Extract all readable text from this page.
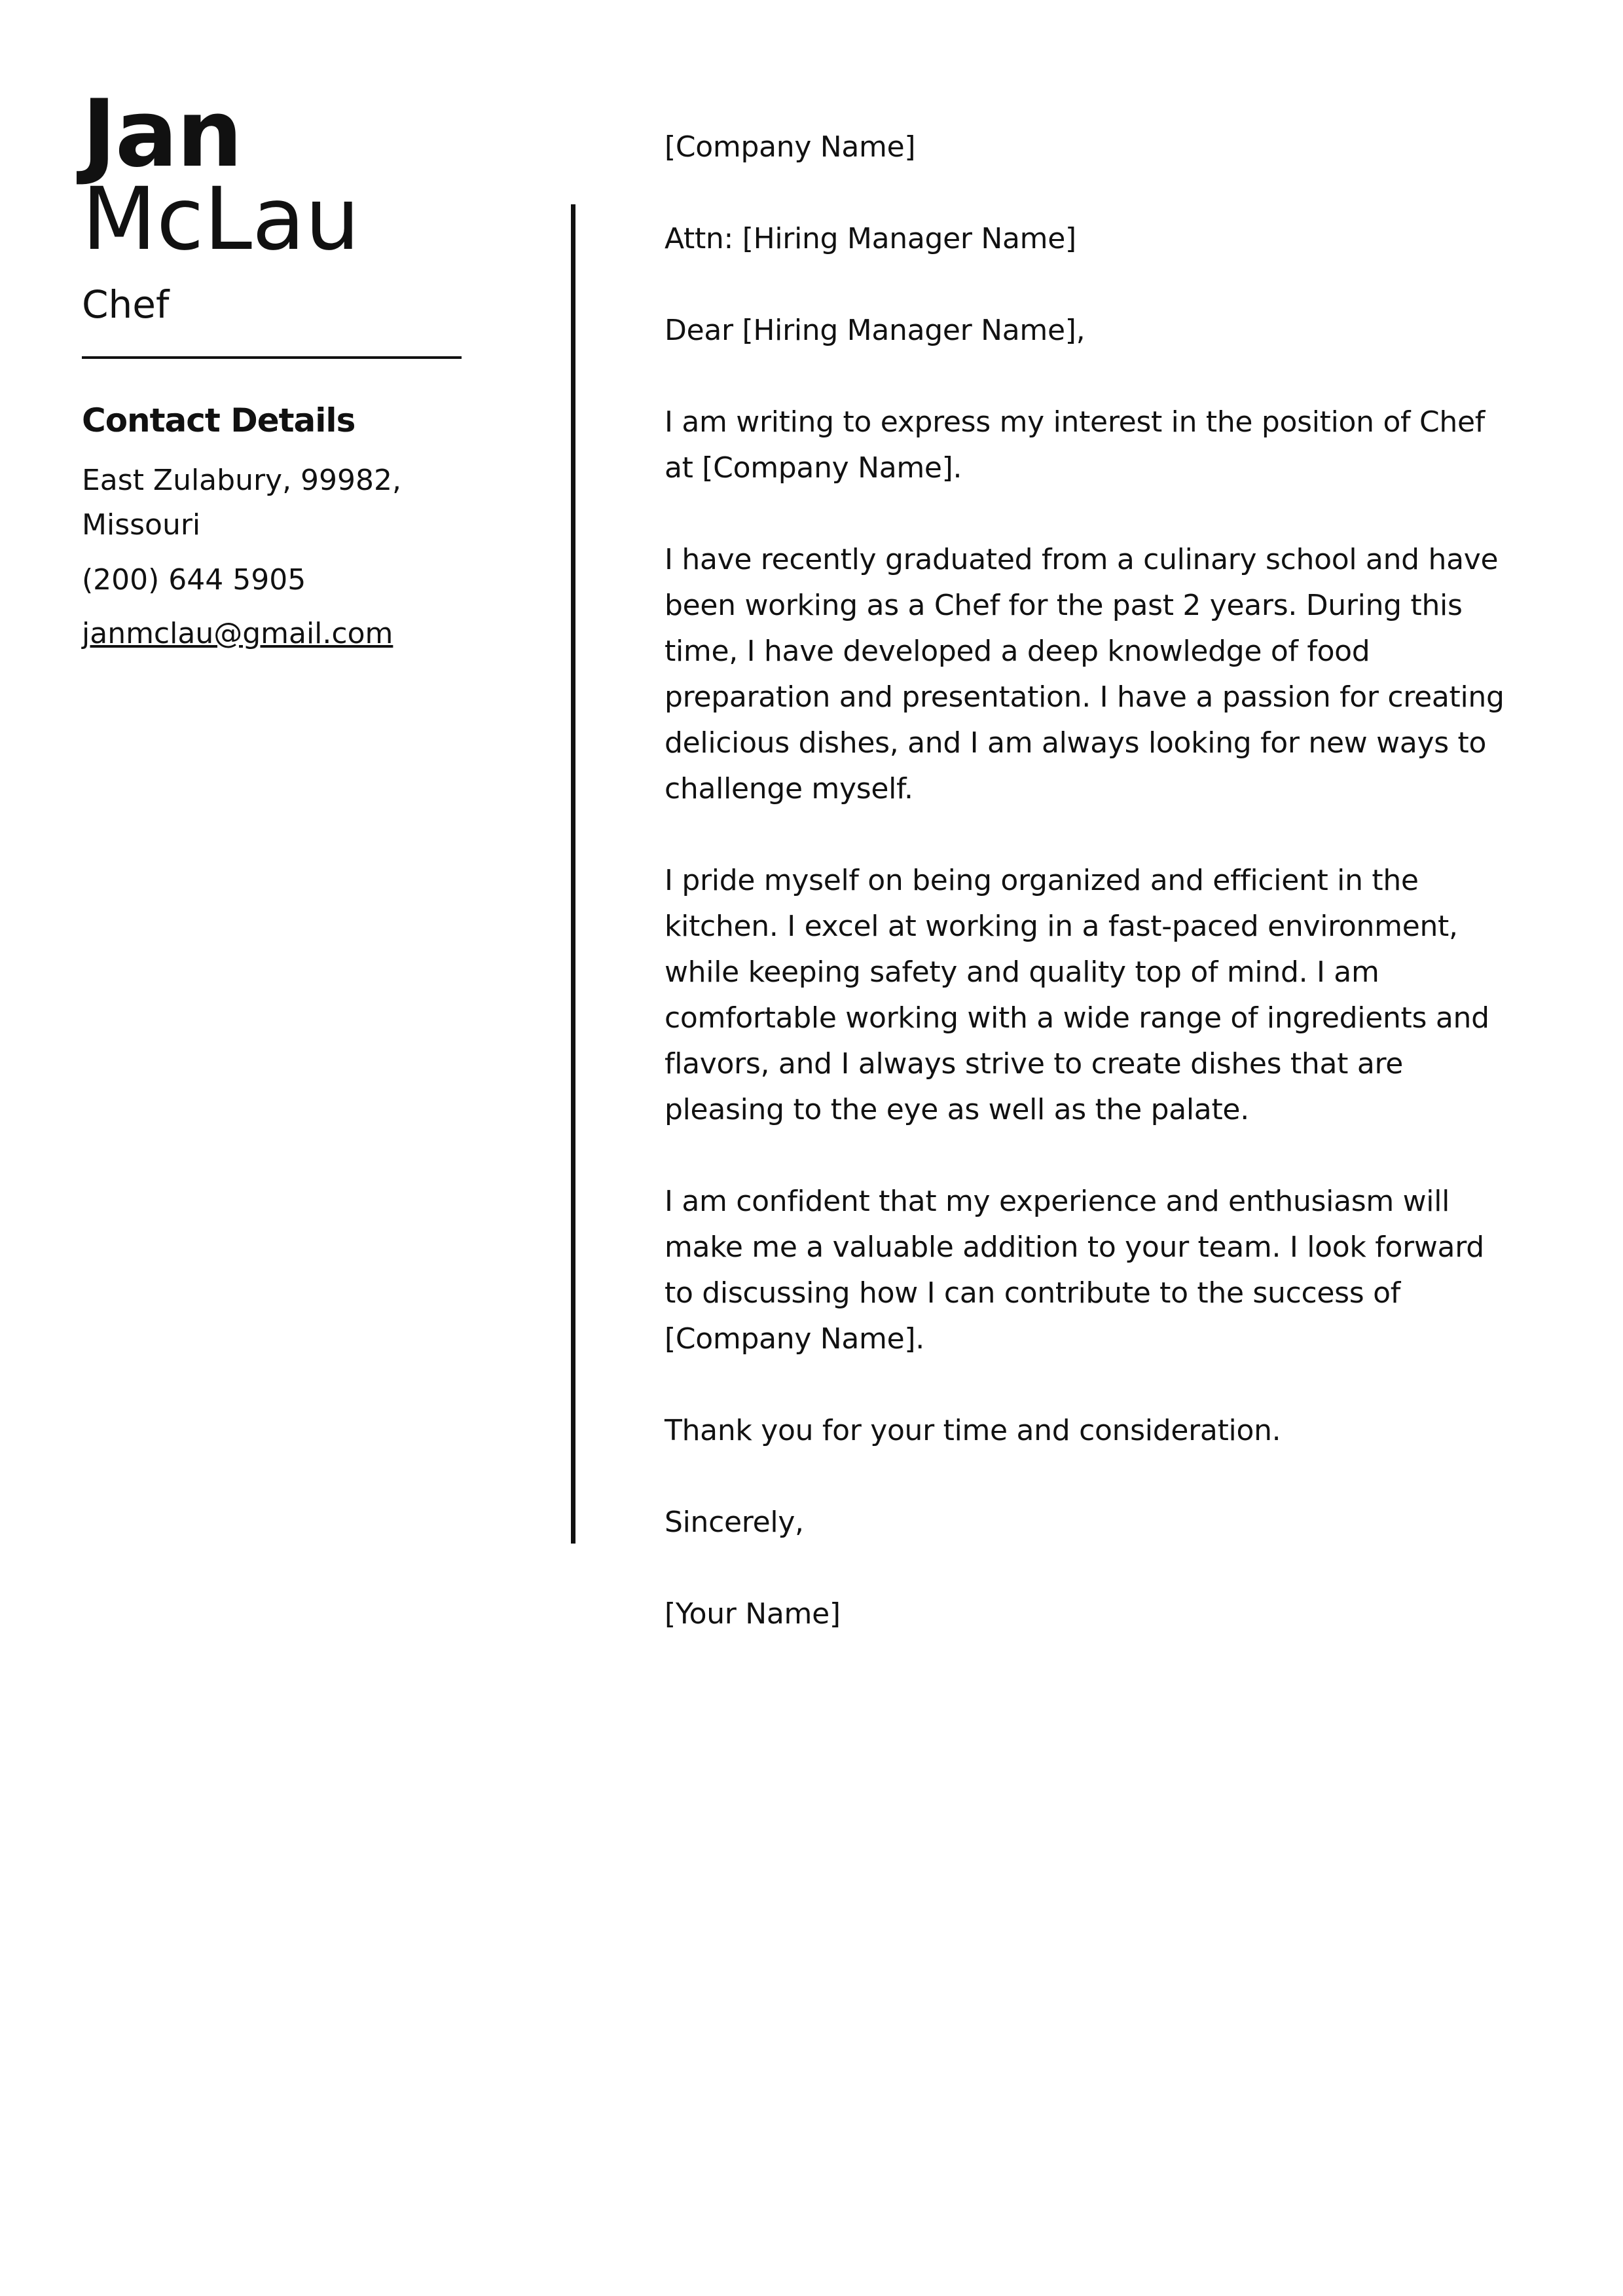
Jan
McLau
Chef
Contact Details
East Zulabury, 99982,
Missouri
(200) 644 5905
janmclau@gmail.com

[Company Name]

Attn: [Hiring Manager Name]

Dear [Hiring Manager Name],

I am writing to express my interest in the position of Chef at [Company Name].

I have recently graduated from a culinary school and have been working as a Chef for the past 2 years. During this time, I have developed a deep knowledge of food preparation and presentation. I have a passion for creating delicious dishes, and I am always looking for new ways to challenge myself.

I pride myself on being organized and efficient in the kitchen. I excel at working in a fast-paced environment, while keeping safety and quality top of mind. I am comfortable working with a wide range of ingredients and flavors, and I always strive to create dishes that are pleasing to the eye as well as the palate.

I am confident that my experience and enthusiasm will make me a valuable addition to your team. I look forward to discussing how I can contribute to the success of [Company Name].

Thank you for your time and consideration.

Sincerely,

[Your Name]
